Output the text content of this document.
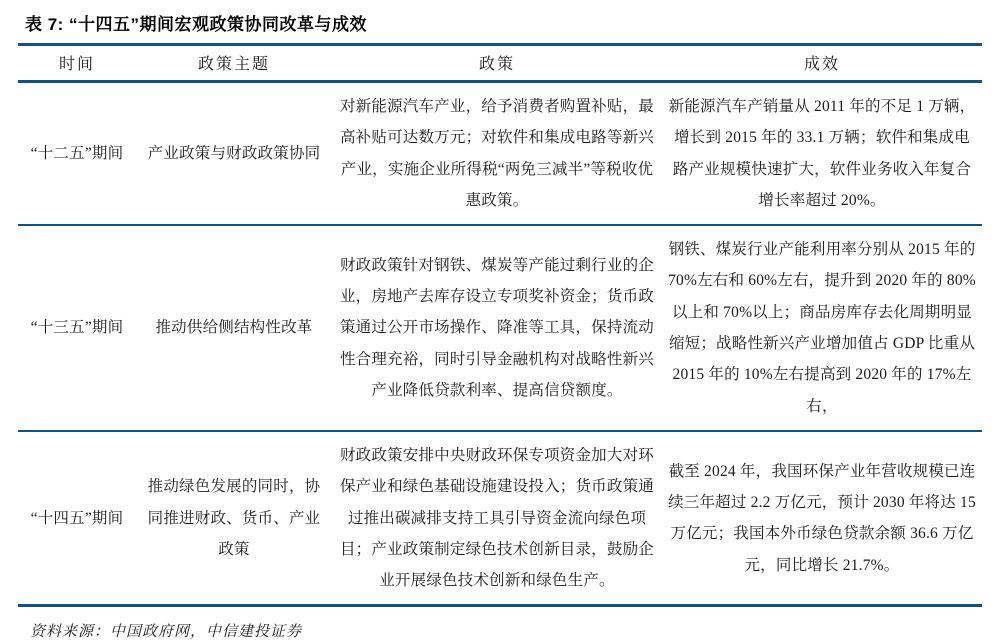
表 7: “十四五”期间宏观政策协同改革与成效
时间	政策主题	政策	成效
“十二五”期间	产业政策与财政政策协同	对新能源汽车产业，给予消费者购置补贴，最高补贴可达数万元；对软件和集成电路等新兴产业，实施企业所得税“两免三减半”等税收优惠政策。	新能源汽车产销量从 2011 年的不足 1 万辆，增长到 2015 年的 33.1 万辆；软件和集成电路产业规模快速扩大，软件业务收入年复合增长率超过 20%。
“十三五”期间	推动供给侧结构性改革	财政政策针对钢铁、煤炭等产能过剩行业的企业，房地产去库存设立专项奖补资金；货币政策通过公开市场操作、降准等工具，保持流动性合理充裕，同时引导金融机构对战略性新兴产业降低贷款利率、提高信贷额度。	钢铁、煤炭行业产能利用率分别从 2015 年的 70%左右和 60%左右，提升到 2020 年的 80%以上和 70%以上；商品房库存去化周期明显缩短；战略性新兴产业增加值占 GDP 比重从 2015 年的 10%左右提高到 2020 年的 17%左右，
“十四五”期间	推动绿色发展的同时，协同推进财政、货币、产业政策	财政政策安排中央财政环保专项资金加大对环保产业和绿色基础设施建设投入；货币政策通过推出碳减排支持工具引导资金流向绿色项目；产业政策制定绿色技术创新目录，鼓励企业开展绿色技术创新和绿色生产。	截至 2024 年，我国环保产业年营收规模已连续三年超过 2.2 万亿元，预计 2030 年将达 15 万亿元；我国本外币绿色贷款余额 36.6 万亿元，同比增长 21.7%。
资料来源：中国政府网，中信建投证券
